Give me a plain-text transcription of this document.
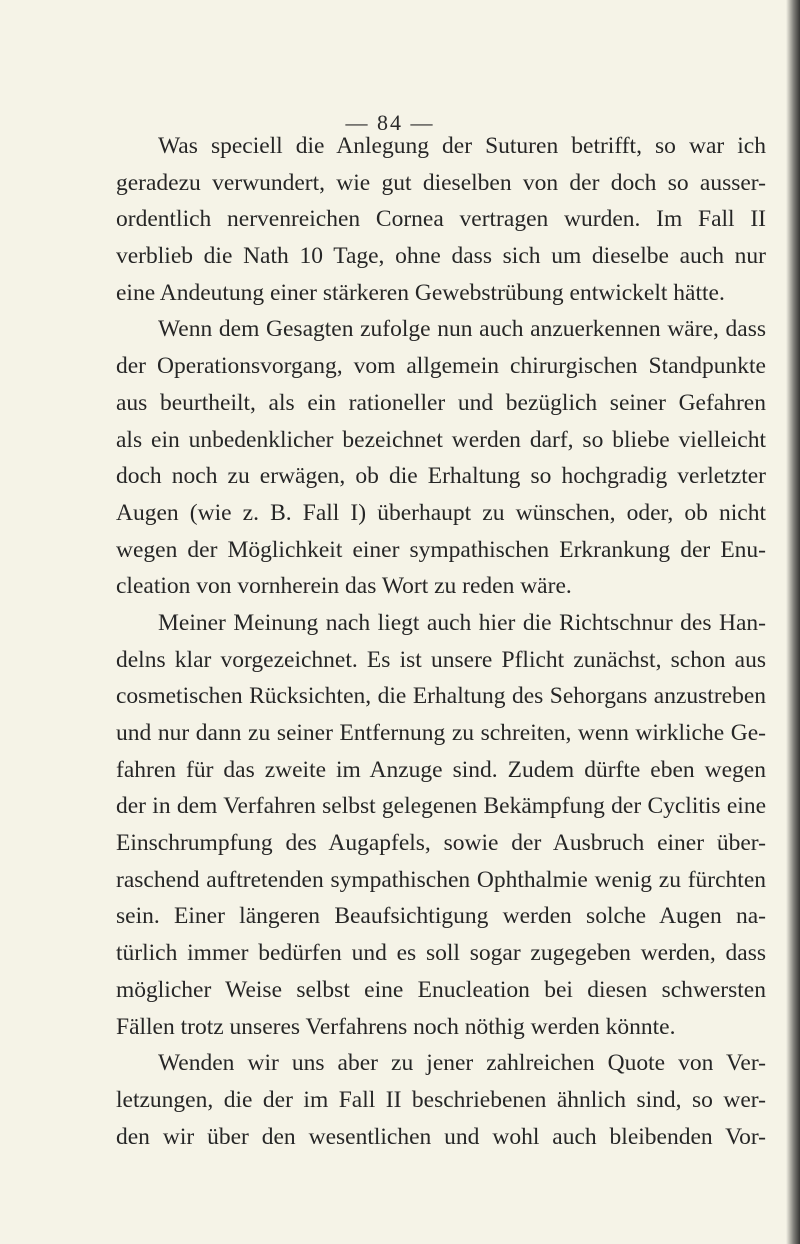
— 84 —
Was speciell die Anlegung der Suturen betrifft, so war ich
geradezu verwundert, wie gut dieselben von der doch so ausser-
ordentlich nervenreichen Cornea vertragen wurden. Im Fall II
verblieb die Nath 10 Tage, ohne dass sich um dieselbe auch nur
eine Andeutung einer stärkeren Gewebstrübung entwickelt hätte.
Wenn dem Gesagten zufolge nun auch anzuerkennen wäre, dass
der Operationsvorgang, vom allgemein chirurgischen Standpunkte
aus beurtheilt, als ein rationeller und bezüglich seiner Gefahren
als ein unbedenklicher bezeichnet werden darf, so bliebe vielleicht
doch noch zu erwägen, ob die Erhaltung so hochgradig verletzter
Augen (wie z. B. Fall I) überhaupt zu wünschen, oder, ob nicht
wegen der Möglichkeit einer sympathischen Erkrankung der Enu-
cleation von vornherein das Wort zu reden wäre.
Meiner Meinung nach liegt auch hier die Richtschnur des Han-
delns klar vorgezeichnet. Es ist unsere Pflicht zunächst, schon aus
cosmetischen Rücksichten, die Erhaltung des Sehorgans anzustreben
und nur dann zu seiner Entfernung zu schreiten, wenn wirkliche Ge-
fahren für das zweite im Anzuge sind. Zudem dürfte eben wegen
der in dem Verfahren selbst gelegenen Bekämpfung der Cyclitis eine
Einschrumpfung des Augapfels, sowie der Ausbruch einer über-
raschend auftretenden sympathischen Ophthalmie wenig zu fürchten
sein. Einer längeren Beaufsichtigung werden solche Augen na-
türlich immer bedürfen und es soll sogar zugegeben werden, dass
möglicher Weise selbst eine Enucleation bei diesen schwersten
Fällen trotz unseres Verfahrens noch nöthig werden könnte.
Wenden wir uns aber zu jener zahlreichen Quote von Ver-
letzungen, die der im Fall II beschriebenen ähnlich sind, so wer-
den wir über den wesentlichen und wohl auch bleibenden Vor-
